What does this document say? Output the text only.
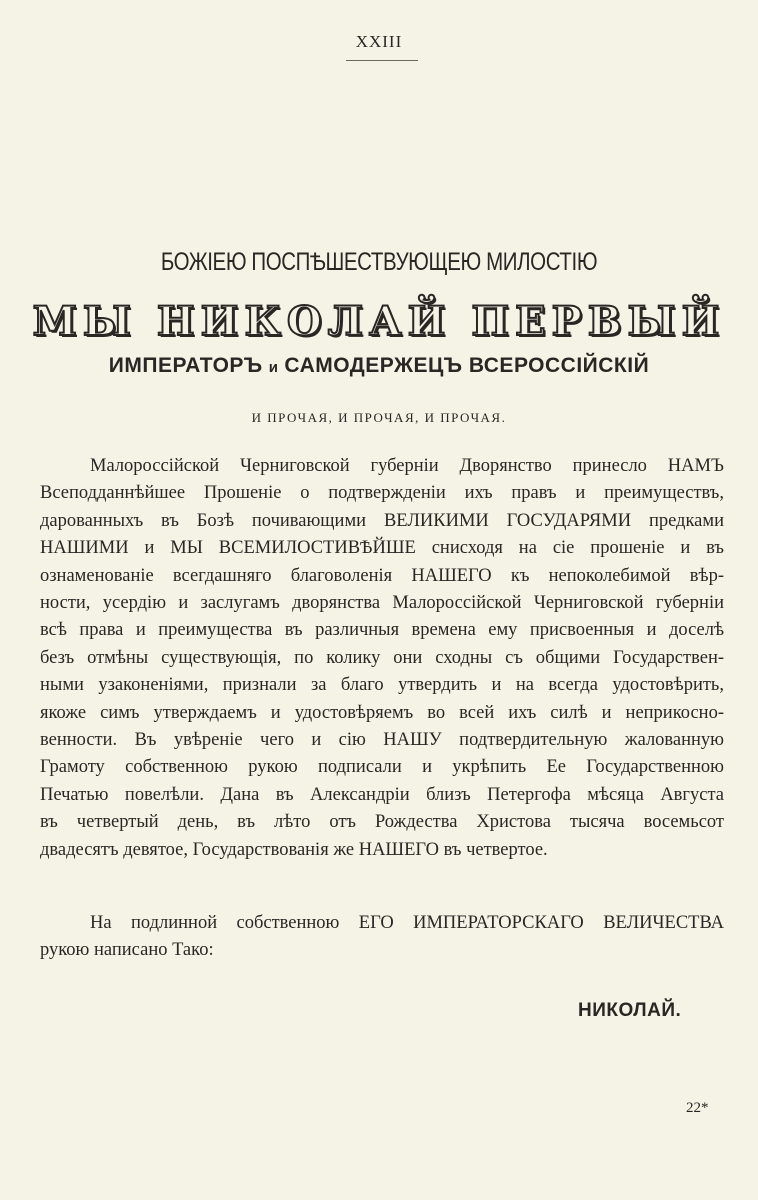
XXIII
БОЖІЕЮ ПОСПѢШЕСТВУЮЩЕЮ МИЛОСТІЮ
МЫ НИКОЛАЙ ПЕРВЫЙ
ИМПЕРАТОРЪ и САМОДЕРЖЕЦЪ ВСЕРОССІЙСКІЙ
И ПРОЧАЯ, И ПРОЧАЯ, И ПРОЧАЯ.
Малороссійской Черниговской губерніи Дворянство принесло НАМЪ
Всеподданнѣйшее Прошеніе о подтвержденіи ихъ правъ и преимуществъ,
дарованныхъ въ Бозѣ почивающими ВЕЛИКИМИ ГОСУДАРЯМИ предками
НАШИМИ и МЫ ВСЕМИЛОСТИВѢЙШЕ снисходя на сіе прошеніе и въ
ознаменованіе всегдашняго благоволенія НАШЕГО къ непоколебимой вѣр-
ности, усердію и заслугамъ дворянства Малороссійской Черниговской губерніи
всѣ права и преимущества въ различныя времена ему присвоенныя и доселѣ
безъ отмѣны существующія, по колику они сходны съ общими Государствен-
ными узаконеніями, признали за благо утвердить и на всегда удостовѣрить,
якоже симъ утверждаемъ и удостовѣряемъ во всей ихъ силѣ и неприкосно-
венности. Въ увѣреніе чего и сію НАШУ подтвердительную жалованную
Грамоту собственною рукою подписали и укрѣпить Ее Государственною
Печатью повелѣли. Дана въ Александріи близъ Петергофа мѣсяца Августа
въ четвертый день, въ лѣто отъ Рождества Христова тысяча восемьсот
двадесятъ девятое, Государствованія же НАШЕГО въ четвертое.
На подлинной собственною ЕГО ИМПЕРАТОРСКАГО ВЕЛИЧЕСТВА
рукою написано Тако:
НИКОЛАЙ.
22*
